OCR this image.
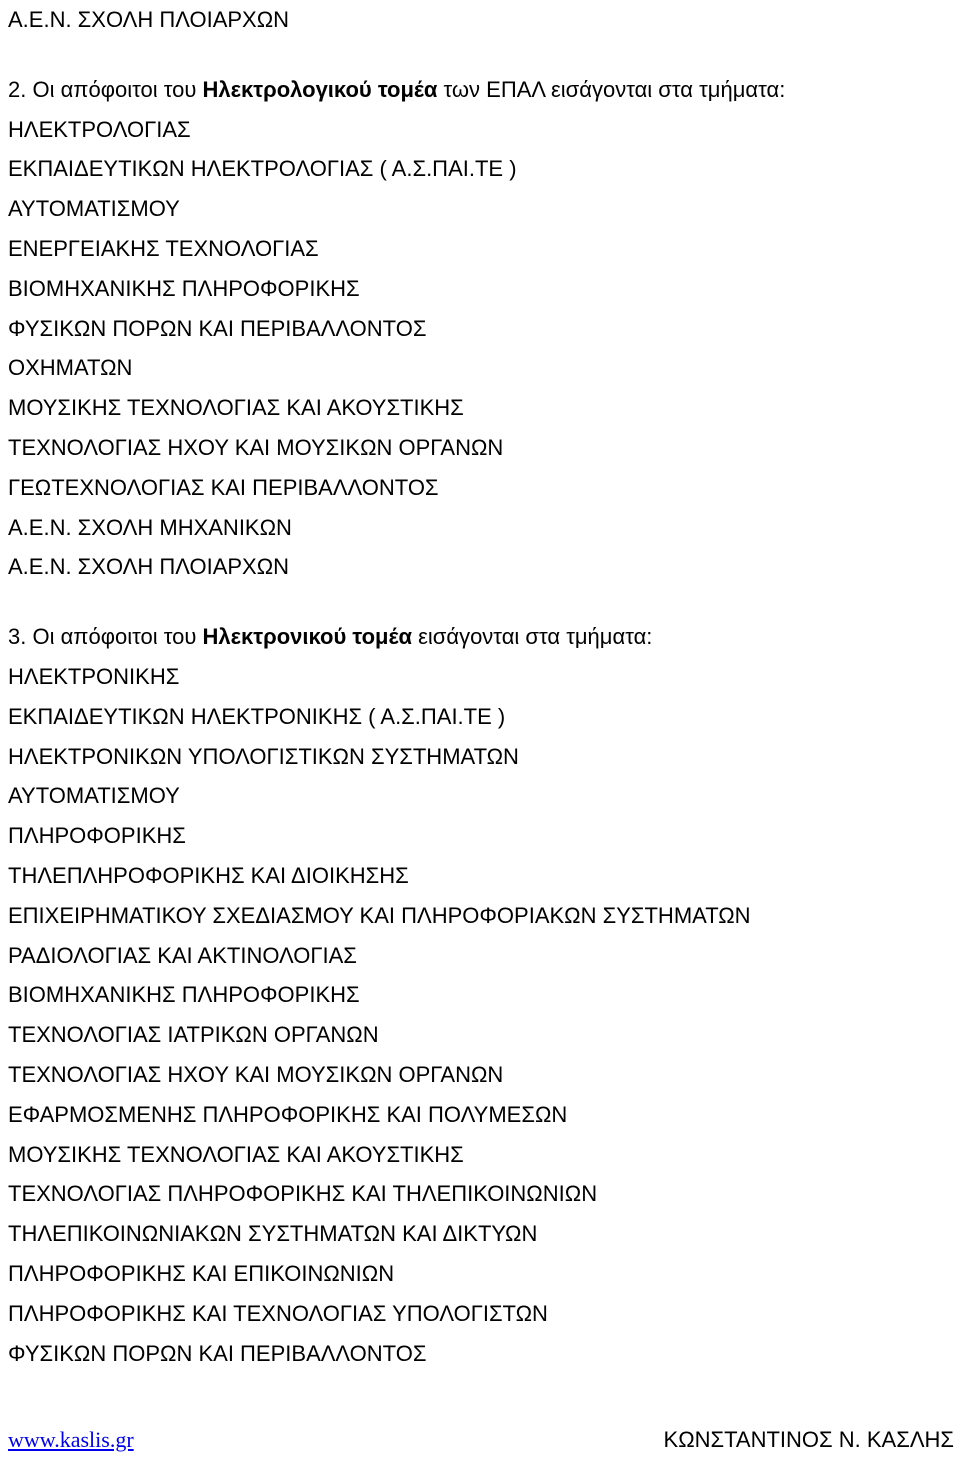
Α.Ε.Ν. ΣΧΟΛΗ ΠΛΟΙΑΡΧΩΝ
2. Οι απόφοιτοι του Ηλεκτρολογικού τομέα των ΕΠΑΛ εισάγονται στα τμήματα:
ΗΛΕΚΤΡΟΛΟΓΙΑΣ
ΕΚΠΑΙΔΕΥΤΙΚΩΝ ΗΛΕΚΤΡΟΛΟΓΙΑΣ ( Α.Σ.ΠΑΙ.ΤΕ )
ΑΥΤΟΜΑΤΙΣΜΟΥ
ΕΝΕΡΓΕΙΑΚΗΣ ΤΕΧΝΟΛΟΓΙΑΣ
ΒΙΟΜΗΧΑΝΙΚΗΣ ΠΛΗΡΟΦΟΡΙΚΗΣ
ΦΥΣΙΚΩΝ ΠΟΡΩΝ ΚΑΙ ΠΕΡΙΒΑΛΛΟΝΤΟΣ
ΟΧΗΜΑΤΩΝ
ΜΟΥΣΙΚΗΣ ΤΕΧΝΟΛΟΓΙΑΣ ΚΑΙ ΑΚΟΥΣΤΙΚΗΣ
ΤΕΧΝΟΛΟΓΙΑΣ ΗΧΟΥ ΚΑΙ ΜΟΥΣΙΚΩΝ ΟΡΓΑΝΩΝ
ΓΕΩΤΕΧΝΟΛΟΓΙΑΣ ΚΑΙ ΠΕΡΙΒΑΛΛΟΝΤΟΣ
Α.Ε.Ν. ΣΧΟΛΗ ΜΗΧΑΝΙΚΩΝ
Α.Ε.Ν. ΣΧΟΛΗ ΠΛΟΙΑΡΧΩΝ
3. Οι απόφοιτοι του Ηλεκτρονικού τομέα εισάγονται στα τμήματα:
ΗΛΕΚΤΡΟΝΙΚΗΣ
ΕΚΠΑΙΔΕΥΤΙΚΩΝ ΗΛΕΚΤΡΟΝΙΚΗΣ ( Α.Σ.ΠΑΙ.ΤΕ )
ΗΛΕΚΤΡΟΝΙΚΩΝ ΥΠΟΛΟΓΙΣΤΙΚΩΝ ΣΥΣΤΗΜΑΤΩΝ
ΑΥΤΟΜΑΤΙΣΜΟΥ
ΠΛΗΡΟΦΟΡΙΚΗΣ
ΤΗΛΕΠΛΗΡΟΦΟΡΙΚΗΣ ΚΑΙ ΔΙΟΙΚΗΣΗΣ
ΕΠΙΧΕΙΡΗΜΑΤΙΚΟΥ ΣΧΕΔΙΑΣΜΟΥ ΚΑΙ ΠΛΗΡΟΦΟΡΙΑΚΩΝ ΣΥΣΤΗΜΑΤΩΝ
ΡΑΔΙΟΛΟΓΙΑΣ ΚΑΙ ΑΚΤΙΝΟΛΟΓΙΑΣ
ΒΙΟΜΗΧΑΝΙΚΗΣ ΠΛΗΡΟΦΟΡΙΚΗΣ
ΤΕΧΝΟΛΟΓΙΑΣ ΙΑΤΡΙΚΩΝ ΟΡΓΑΝΩΝ
ΤΕΧΝΟΛΟΓΙΑΣ ΗΧΟΥ ΚΑΙ ΜΟΥΣΙΚΩΝ ΟΡΓΑΝΩΝ
ΕΦΑΡΜΟΣΜΕΝΗΣ ΠΛΗΡΟΦΟΡΙΚΗΣ ΚΑΙ ΠΟΛΥΜΕΣΩΝ
ΜΟΥΣΙΚΗΣ ΤΕΧΝΟΛΟΓΙΑΣ ΚΑΙ ΑΚΟΥΣΤΙΚΗΣ
ΤΕΧΝΟΛΟΓΙΑΣ ΠΛΗΡΟΦΟΡΙΚΗΣ ΚΑΙ ΤΗΛΕΠΙΚΟΙΝΩΝΙΩΝ
ΤΗΛΕΠΙΚΟΙΝΩΝΙΑΚΩΝ ΣΥΣΤΗΜΑΤΩΝ ΚΑΙ ΔΙΚΤΥΩΝ
ΠΛΗΡΟΦΟΡΙΚΗΣ ΚΑΙ ΕΠΙΚΟΙΝΩΝΙΩΝ
ΠΛΗΡΟΦΟΡΙΚΗΣ ΚΑΙ ΤΕΧΝΟΛΟΓΙΑΣ ΥΠΟΛΟΓΙΣΤΩΝ
ΦΥΣΙΚΩΝ ΠΟΡΩΝ ΚΑΙ ΠΕΡΙΒΑΛΛΟΝΤΟΣ
www.kaslis.gr	ΚΩΝΣΤΑΝΤΙΝΟΣ Ν. ΚΑΣΛΗΣ
